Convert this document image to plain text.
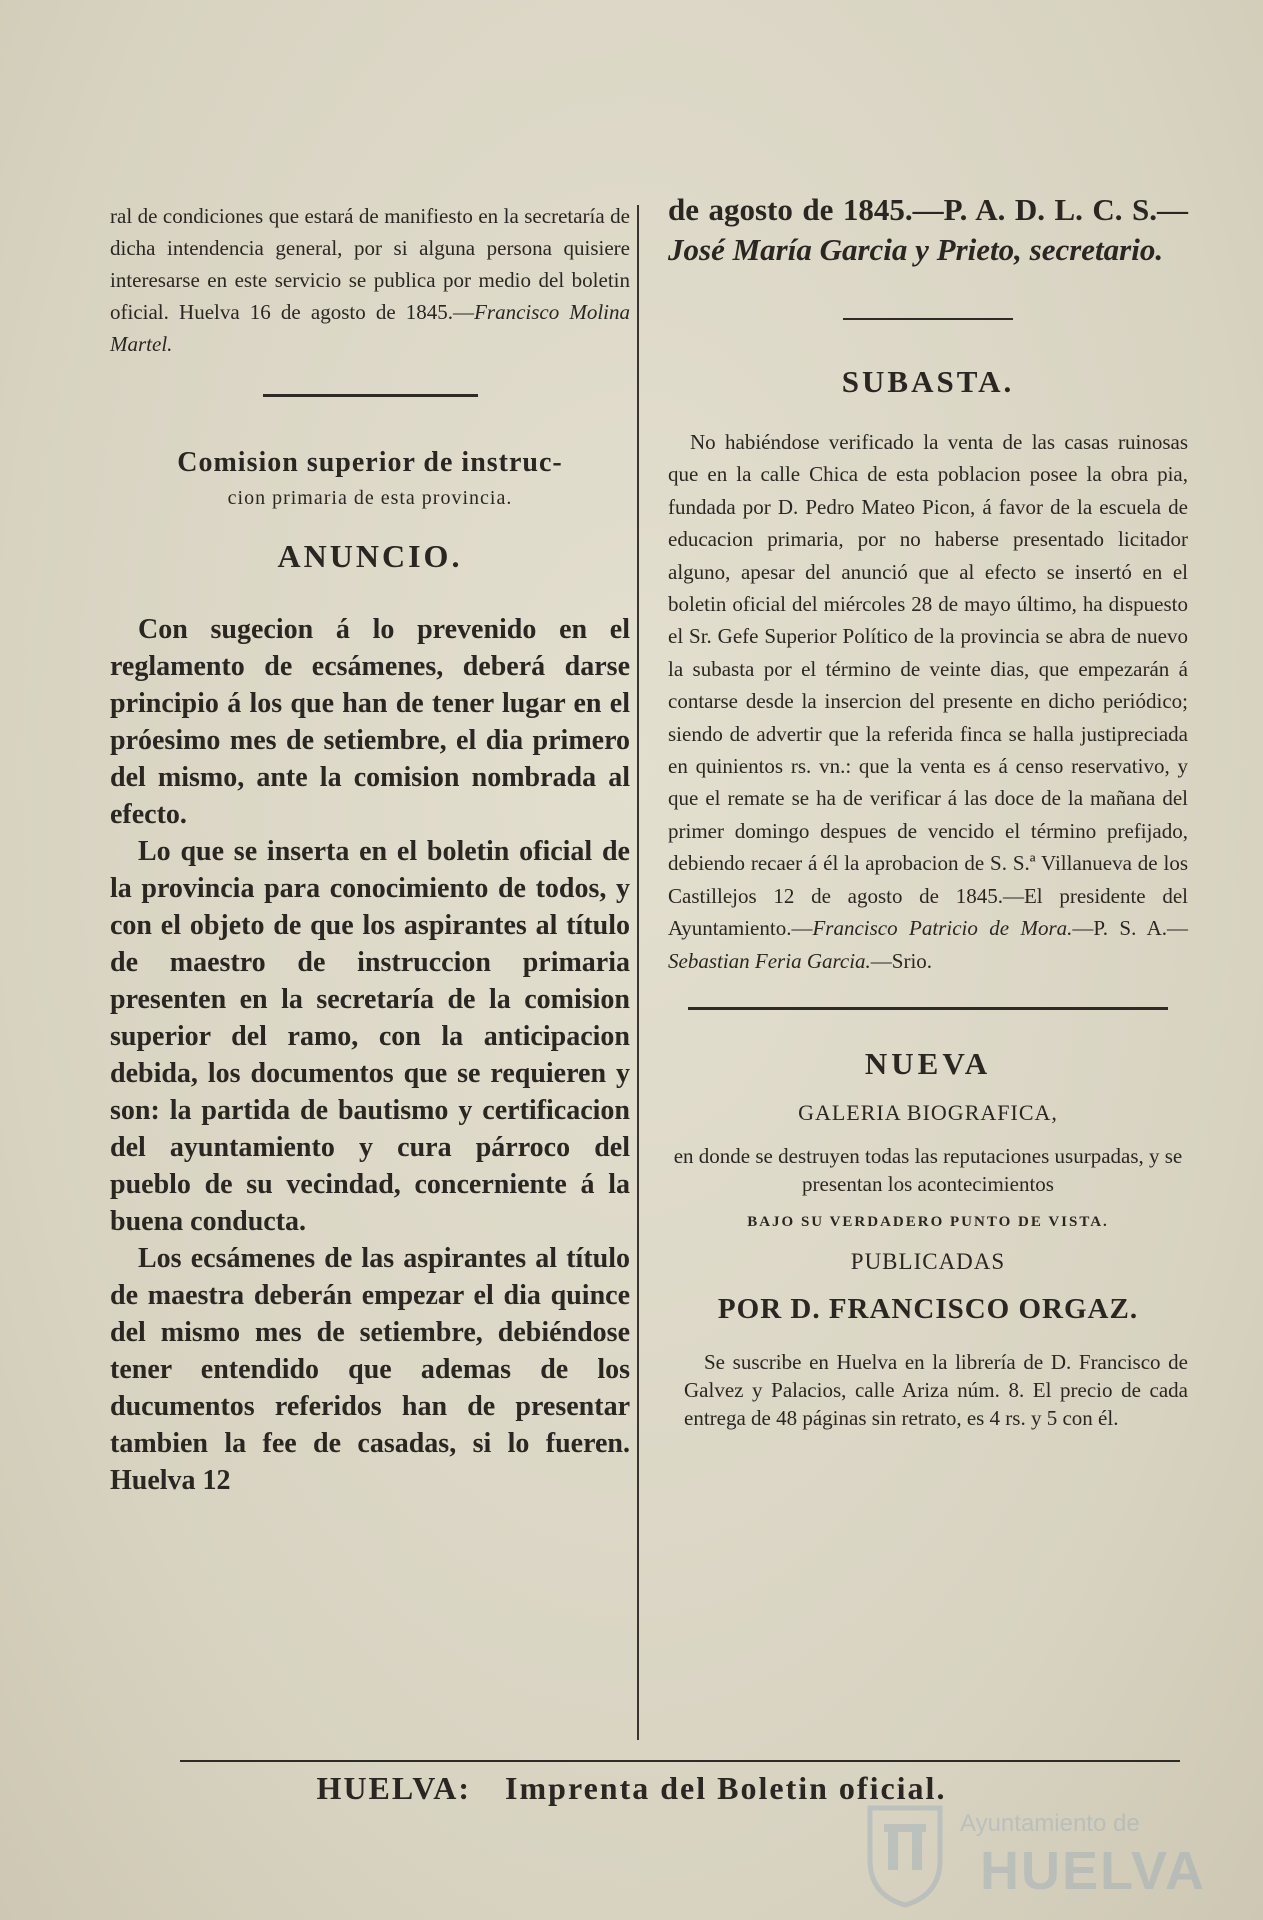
ral de condiciones que estará de manifiesto en la secretaría de dicha intendencia general, por si alguna persona quisiere interesarse en este servicio se publica por medio del boletin oficial. Huelva 16 de agosto de 1845.—Francisco Molina Martel.

Comision superior de instruc-

cion primaria de esta provincia.

ANUNCIO.

Con sugecion á lo prevenido en el reglamento de ecsámenes, deberá darse principio á los que han de tener lugar en el próesimo mes de setiembre, el dia primero del mismo, ante la comision nombrada al efecto.

Lo que se inserta en el boletin oficial de la provincia para conocimiento de todos, y con el objeto de que los aspirantes al título de maestro de instruccion primaria presenten en la secretaría de la comision superior del ramo, con la anticipacion debida, los documentos que se requieren y son: la partida de bautismo y certificacion del ayuntamiento y cura párroco del pueblo de su vecindad, concerniente á la buena conducta.

Los ecsámenes de las aspirantes al título de maestra deberán empezar el dia quince del mismo mes de setiembre, debiéndose tener entendido que ademas de los ducumentos referidos han de presentar tambien la fee de casadas, si lo fueren. Huelva 12

de agosto de 1845.—P. A. D. L. C. S.—José María Garcia y Prieto, secretario.

SUBASTA.

No habiéndose verificado la venta de las casas ruinosas que en la calle Chica de esta poblacion posee la obra pia, fundada por D. Pedro Mateo Picon, á favor de la escuela de educacion primaria, por no haberse presentado licitador alguno, apesar del anunció que al efecto se insertó en el boletin oficial del miércoles 28 de mayo último, ha dispuesto el Sr. Gefe Superior Político de la provincia se abra de nuevo la subasta por el término de veinte dias, que empezarán á contarse desde la insercion del presente en dicho periódico; siendo de advertir que la referida finca se halla justipreciada en quinientos rs. vn.: que la venta es á censo reservativo, y que el remate se ha de verificar á las doce de la mañana del primer domingo despues de vencido el término prefijado, debiendo recaer á él la aprobacion de S. S.ª Villanueva de los Castillejos 12 de agosto de 1845.—El presidente del Ayuntamiento.—Francisco Patricio de Mora.—P. S. A.—Sebastian Feria Garcia.—Srio.

NUEVA
GALERIA BIOGRAFICA,

en donde se destruyen todas las reputaciones usurpadas, y se presentan los acontecimientos

BAJO SU VERDADERO PUNTO DE VISTA.
PUBLICADAS
POR D. FRANCISCO ORGAZ.

Se suscribe en Huelva en la librería de D. Francisco de Galvez y Palacios, calle Ariza núm. 8. El precio de cada entrega de 48 páginas sin retrato, es 4 rs. y 5 con él.

HUELVA: Imprenta del Boletin oficial.
Ayuntamiento de
HUELVA
